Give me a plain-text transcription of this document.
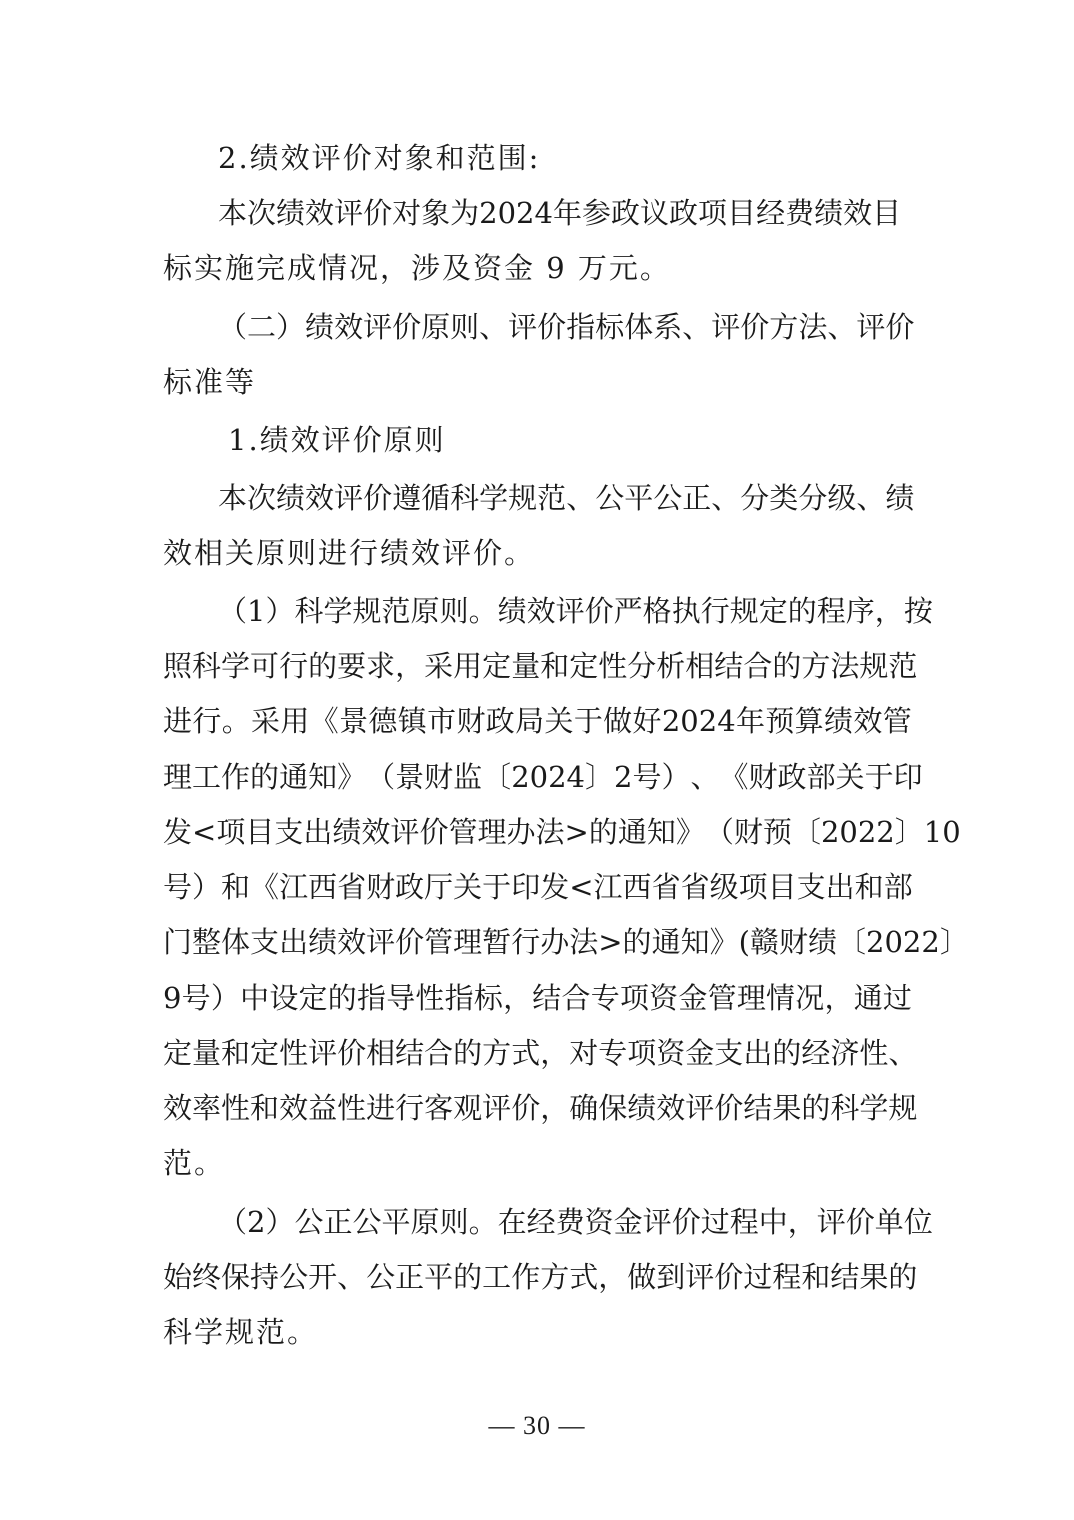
2.绩效评价对象和范围:
本 次 绩 效 评 价 对 象 为 2024 年 参 政 议 政 项 目 经 费 绩 效 目
标实施完成情况，涉及资金 9 万元。
（ 二 ） 绩 效 评 价 原 则 、 评 价 指 标 体 系 、 评 价 方 法 、 评 价
标准等
1.绩效评价原则
本 次 绩 效 评 价 遵 循 科 学 规 范 、 公 平 公 正 、 分 类 分 级 、 绩
效相关原则进行绩效评价。
（ 1 ） 科 学 规 范 原 则 。 绩 效 评 价 严 格 执 行 规 定 的 程 序 ， 按
照 科 学 可 行 的 要 求 ， 采 用 定 量 和 定 性 分 析 相 结 合 的 方 法 规 范
进 行 。 采 用 《 景 德 镇 市 财 政 局 关 于 做 好 2024 年 预 算 绩 效 管
理 工 作 的 通 知 》 （ 景 财 监 〔 2024 〕 2 号 ） 、 《 财 政 部 关 于 印
发 < 项 目 支 出 绩 效 评 价 管 理 办 法 > 的 通 知 》 （ 财 预 〔 2022 〕 10
号 ） 和 《 江 西 省 财 政 厅 关 于 印 发 < 江 西 省 省 级 项 目 支 出 和 部
门 整 体 支 出 绩 效 评 价 管 理 暂 行 办 法 > 的 通 知 》 ( 赣 财 绩 〔 2022 〕
9 号 ） 中 设 定 的 指 导 性 指 标 ， 结 合 专 项 资 金 管 理 情 况 ， 通 过
定 量 和 定 性 评 价 相 结 合 的 方 式 ， 对 专 项 资 金 支 出 的 经 济 性 、
效 率 性 和 效 益 性 进 行 客 观 评 价 ， 确 保 绩 效 评 价 结 果 的 科 学 规
范。
（ 2 ） 公 正 公 平 原 则 。 在 经 费 资 金 评 价 过 程 中 ， 评 价 单 位
始 终 保 持 公 开 、 公 正 平 的 工 作 方 式 ， 做 到 评 价 过 程 和 结 果 的
科学规范。
— 30 —
